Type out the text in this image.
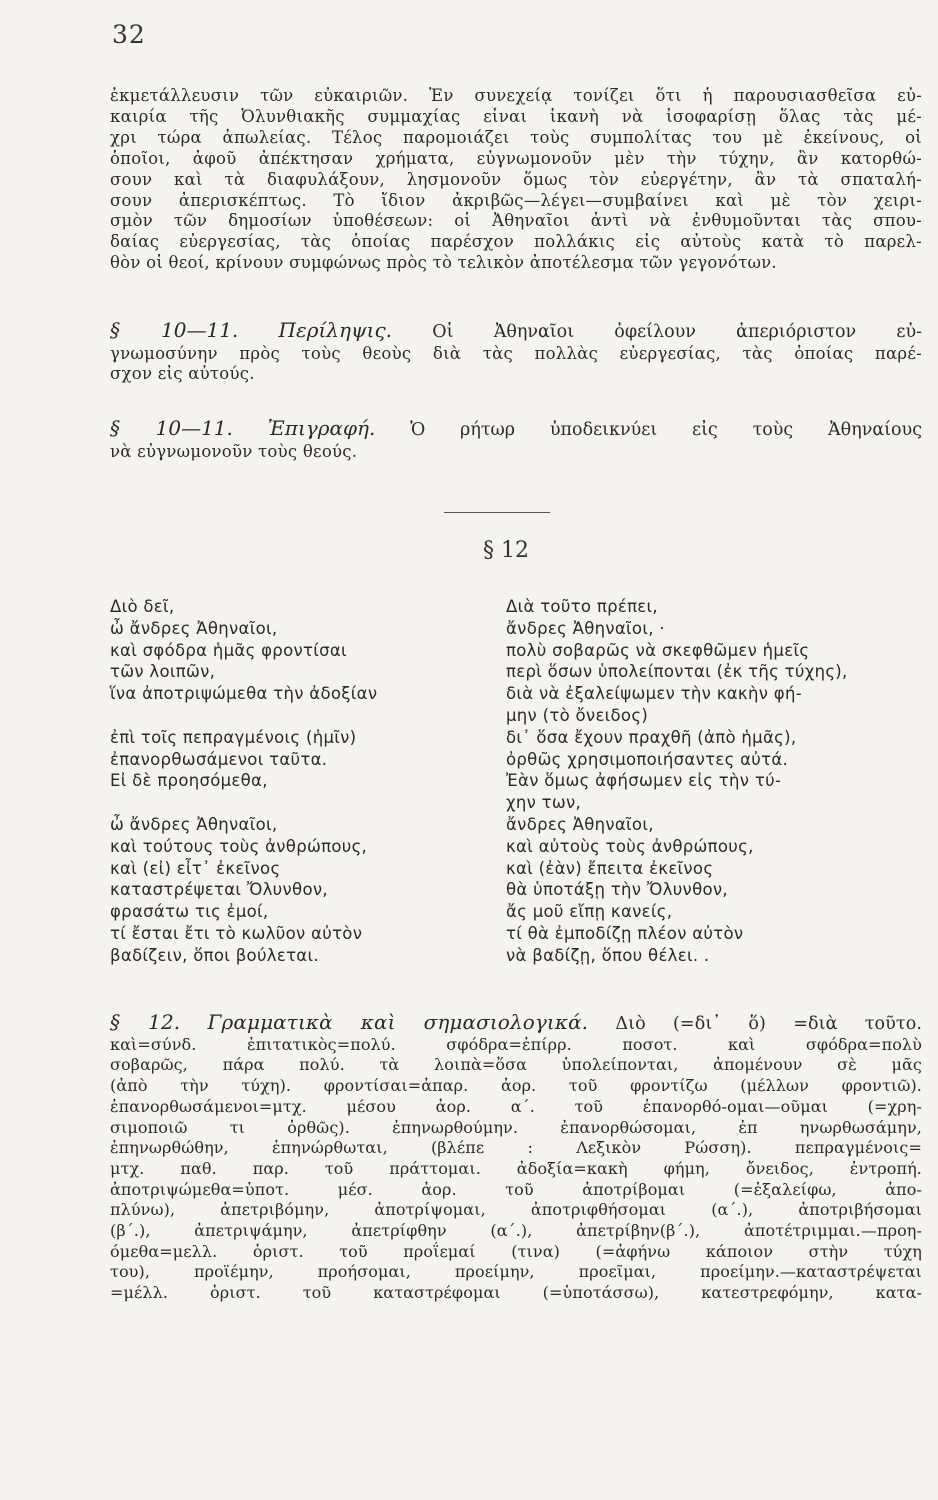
32
ἐκμετάλλευσιν τῶν εὐκαιριῶν. Ἐν συνεχείᾳ τονίζει ὅτι ἡ παρουσιασθεῖσα εὐ-
καιρία τῆς Ὀλυνθιακῆς συμμαχίας εἶναι ἱκανὴ νὰ ἰσοφαρίσῃ ὅλας τὰς μέ-
χρι τώρα ἀπωλείας. Τέλος παρομοιάζει τοὺς συμπολίτας του μὲ ἐκείνους, οἱ
ὁποῖοι, ἀφοῦ ἀπέκτησαν χρήματα, εὐγνωμονοῦν μὲν τὴν τύχην, ἂν κατορθώ-
σουν καὶ τὰ διαφυλάξουν, λησμονοῦν ὅμως τὸν εὐεργέτην, ἂν τὰ σπαταλή-
σουν ἀπερισκέπτως. Τὸ ἴδιον ἀκριβῶς—λέγει—συμβαίνει καὶ μὲ τὸν χειρι-
σμὸν τῶν δημοσίων ὑποθέσεων: οἱ Ἀθηναῖοι ἀντὶ νὰ ἐνθυμοῦνται τὰς σπου-
δαίας εὐεργεσίας, τὰς ὁποίας παρέσχον πολλάκις εἰς αὐτοὺς κατὰ τὸ παρελ-
θὸν οἱ θεοί, κρίνουν συμφώνως πρὸς τὸ τελικὸν ἀποτέλεσμα τῶν γεγονότων.
§ 10—11. Περίληψις. Οἱ Ἀθηναῖοι ὀφείλουν ἀπεριόριστον εὐ-
γνωμοσύνην πρὸς τοὺς θεοὺς διὰ τὰς πολλὰς εὐεργεσίας, τὰς ὁποίας παρέ-
σχον εἰς αὐτούς.
§ 10—11. Ἐπιγραφή. Ὁ ρήτωρ ὑποδεικνύει εἰς τοὺς Ἀθηναίους
νὰ εὐγνωμονοῦν τοὺς θεούς.
§ 12
Διὸ δεῖ,
ὦ ἄνδρες Ἀθηναῖοι,
καὶ σφόδρα ἡμᾶς φροντίσαι
τῶν λοιπῶν,
ἵνα ἀποτριψώμεθα τὴν ἀδοξίαν
ἐπὶ τοῖς πεπραγμένοις (ἡμῖν)
ἐπανορθωσάμενοι ταῦτα.
Εἰ δὲ προησόμεθα,
ὦ ἄνδρες Ἀθηναῖοι,
καὶ τούτους τοὺς ἀνθρώπους,
καὶ (εἰ) εἶτ᾽ ἐκεῖνος
καταστρέψεται Ὄλυνθον,
φρασάτω τις ἐμοί,
τί ἔσται ἔτι τὸ κωλῦον αὐτὸν
βαδίζειν, ὅποι βούλεται.
Διὰ τοῦτο πρέπει,
ἄνδρες Ἀθηναῖοι, ·
πολὺ σοβαρῶς νὰ σκεφθῶμεν ἡμεῖς
περὶ ὅσων ὑπολείπονται (ἐκ τῆς τύχης),
διὰ νὰ ἐξαλείψωμεν τὴν κακὴν φή-
μην (τὸ ὄνειδος)
δι᾽ ὅσα ἔχουν πραχθῆ (ἀπὸ ἡμᾶς),
ὀρθῶς χρησιμοποιήσαντες αὐτά.
Ἐὰν ὅμως ἀφήσωμεν εἰς τὴν τύ-
χην των,
ἄνδρες Ἀθηναῖοι,
καὶ αὐτοὺς τοὺς ἀνθρώπους,
καὶ (ἐὰν) ἔπειτα ἐκεῖνος
θὰ ὑποτάξῃ τὴν Ὄλυνθον,
ἄς μοῦ εἴπῃ κανείς,
τί θὰ ἐμποδίζῃ πλέον αὐτὸν
νὰ βαδίζῃ, ὅπου θέλει. .
§ 12. Γραμματικὰ καὶ σημασιολογικά. Διὸ (=δι᾽ ὅ) =διὰ τοῦτο.
καὶ=σύνδ. ἐπιτατικὸς=πολύ. σφόδρα=ἐπίρρ. ποσοτ. καὶ σφόδρα=πολὺ
σοβαρῶς, πάρα πολύ. τὰ λοιπὰ=ὅσα ὑπολείπονται, ἀπομένουν σὲ μᾶς
(ἀπὸ τὴν τύχη). φροντίσαι=ἀπαρ. ἀορ. τοῦ φροντίζω (μέλλων φροντιῶ).
ἐπανορθωσάμενοι=μτχ. μέσου ἀορ. α΄. τοῦ ἐπανορθό-ομαι—οῦμαι (=χρη-
σιμοποιῶ τι ὀρθῶς). ἐπηνωρθούμην. ἐπανορθώσομαι, ἐπ ηνωρθωσάμην,
ἐπηνωρθώθην, ἐπηνώρθωται, (βλέπε : Λεξικὸν Ρώσση). πεπραγμένοις=
μτχ. παθ. παρ. τοῦ πράττομαι. ἀδοξία=κακὴ φήμη, ὄνειδος, ἐντροπή.
ἀποτριψώμεθα=ὑποτ. μέσ. ἀορ. τοῦ ἀποτρίβομαι (=ἐξαλείφω, ἀπο-
πλύνω), ἀπετριβόμην, ἀποτρίψομαι, ἀποτριφθήσομαι (α΄.), ἀποτριβήσομαι
(β΄.), ἀπετριψάμην, ἀπετρίφθην (α΄.), ἀπετρίβην(β΄.), ἀποτέτριμμαι.—προη-
όμεθα=μελλ. ὁριστ. τοῦ προΐεμαί (τινα) (=ἀφήνω κάποιον στὴν τύχη
του), προϊέμην, προήσομαι, προείμην, προεῖμαι, προείμην.—καταστρέψεται
=μέλλ. ὁριστ. τοῦ καταστρέφομαι (=ὑποτάσσω), κατεστρεφόμην, κατα-
